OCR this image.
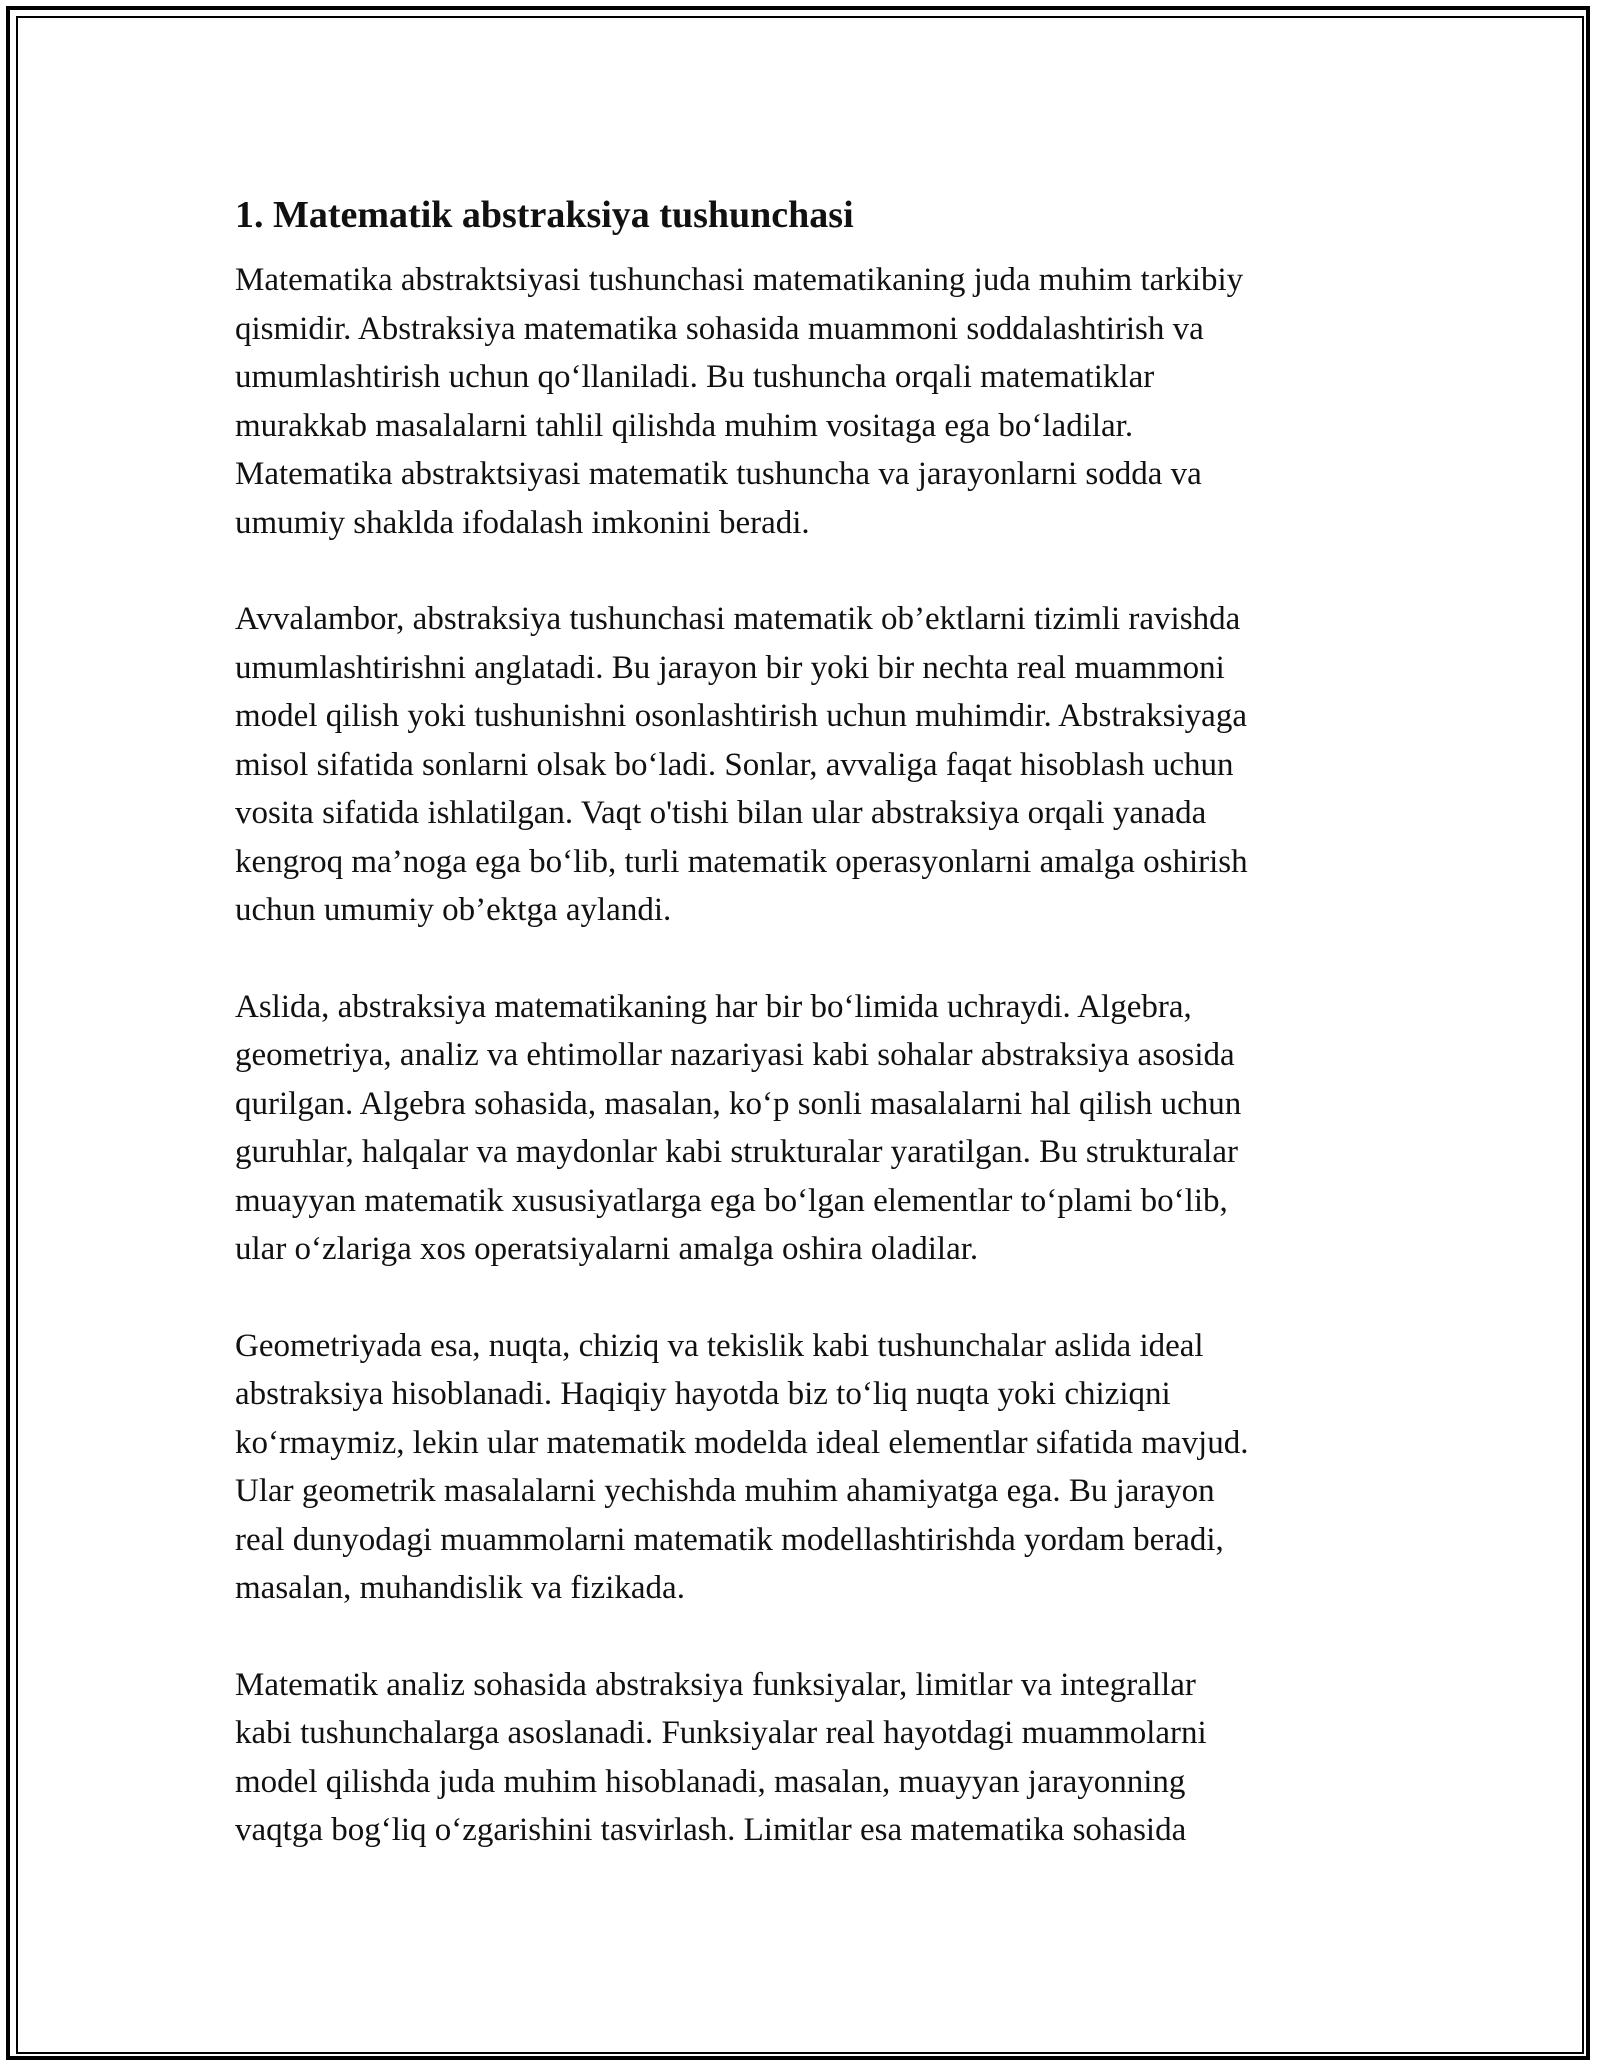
1. Matematik abstraksiya tushunchasi
Matematika abstraktsiyasi tushunchasi matematikaning juda muhim tarkibiy
qismidir. Abstraksiya matematika sohasida muammoni soddalashtirish va
umumlashtirish uchun qo‘llaniladi. Bu tushuncha orqali matematiklar
murakkab masalalarni tahlil qilishda muhim vositaga ega bo‘ladilar.
Matematika abstraktsiyasi matematik tushuncha va jarayonlarni sodda va
umumiy shaklda ifodalash imkonini beradi.
Avvalambor, abstraksiya tushunchasi matematik ob’ektlarni tizimli ravishda
umumlashtirishni anglatadi. Bu jarayon bir yoki bir nechta real muammoni
model qilish yoki tushunishni osonlashtirish uchun muhimdir. Abstraksiyaga
misol sifatida sonlarni olsak bo‘ladi. Sonlar, avvaliga faqat hisoblash uchun
vosita sifatida ishlatilgan. Vaqt o'tishi bilan ular abstraksiya orqali yanada
kengroq ma’noga ega bo‘lib, turli matematik operasyonlarni amalga oshirish
uchun umumiy ob’ektga aylandi.
Aslida, abstraksiya matematikaning har bir bo‘limida uchraydi. Algebra,
geometriya, analiz va ehtimollar nazariyasi kabi sohalar abstraksiya asosida
qurilgan. Algebra sohasida, masalan, ko‘p sonli masalalarni hal qilish uchun
guruhlar, halqalar va maydonlar kabi strukturalar yaratilgan. Bu strukturalar
muayyan matematik xususiyatlarga ega bo‘lgan elementlar to‘plami bo‘lib,
ular o‘zlariga xos operatsiyalarni amalga oshira oladilar.
Geometriyada esa, nuqta, chiziq va tekislik kabi tushunchalar aslida ideal
abstraksiya hisoblanadi. Haqiqiy hayotda biz to‘liq nuqta yoki chiziqni
ko‘rmaymiz, lekin ular matematik modelda ideal elementlar sifatida mavjud.
Ular geometrik masalalarni yechishda muhim ahamiyatga ega. Bu jarayon
real dunyodagi muammolarni matematik modellashtirishda yordam beradi,
masalan, muhandislik va fizikada.
Matematik analiz sohasida abstraksiya funksiyalar, limitlar va integrallar
kabi tushunchalarga asoslanadi. Funksiyalar real hayotdagi muammolarni
model qilishda juda muhim hisoblanadi, masalan, muayyan jarayonning
vaqtga bog‘liq o‘zgarishini tasvirlash. Limitlar esa matematika sohasida
